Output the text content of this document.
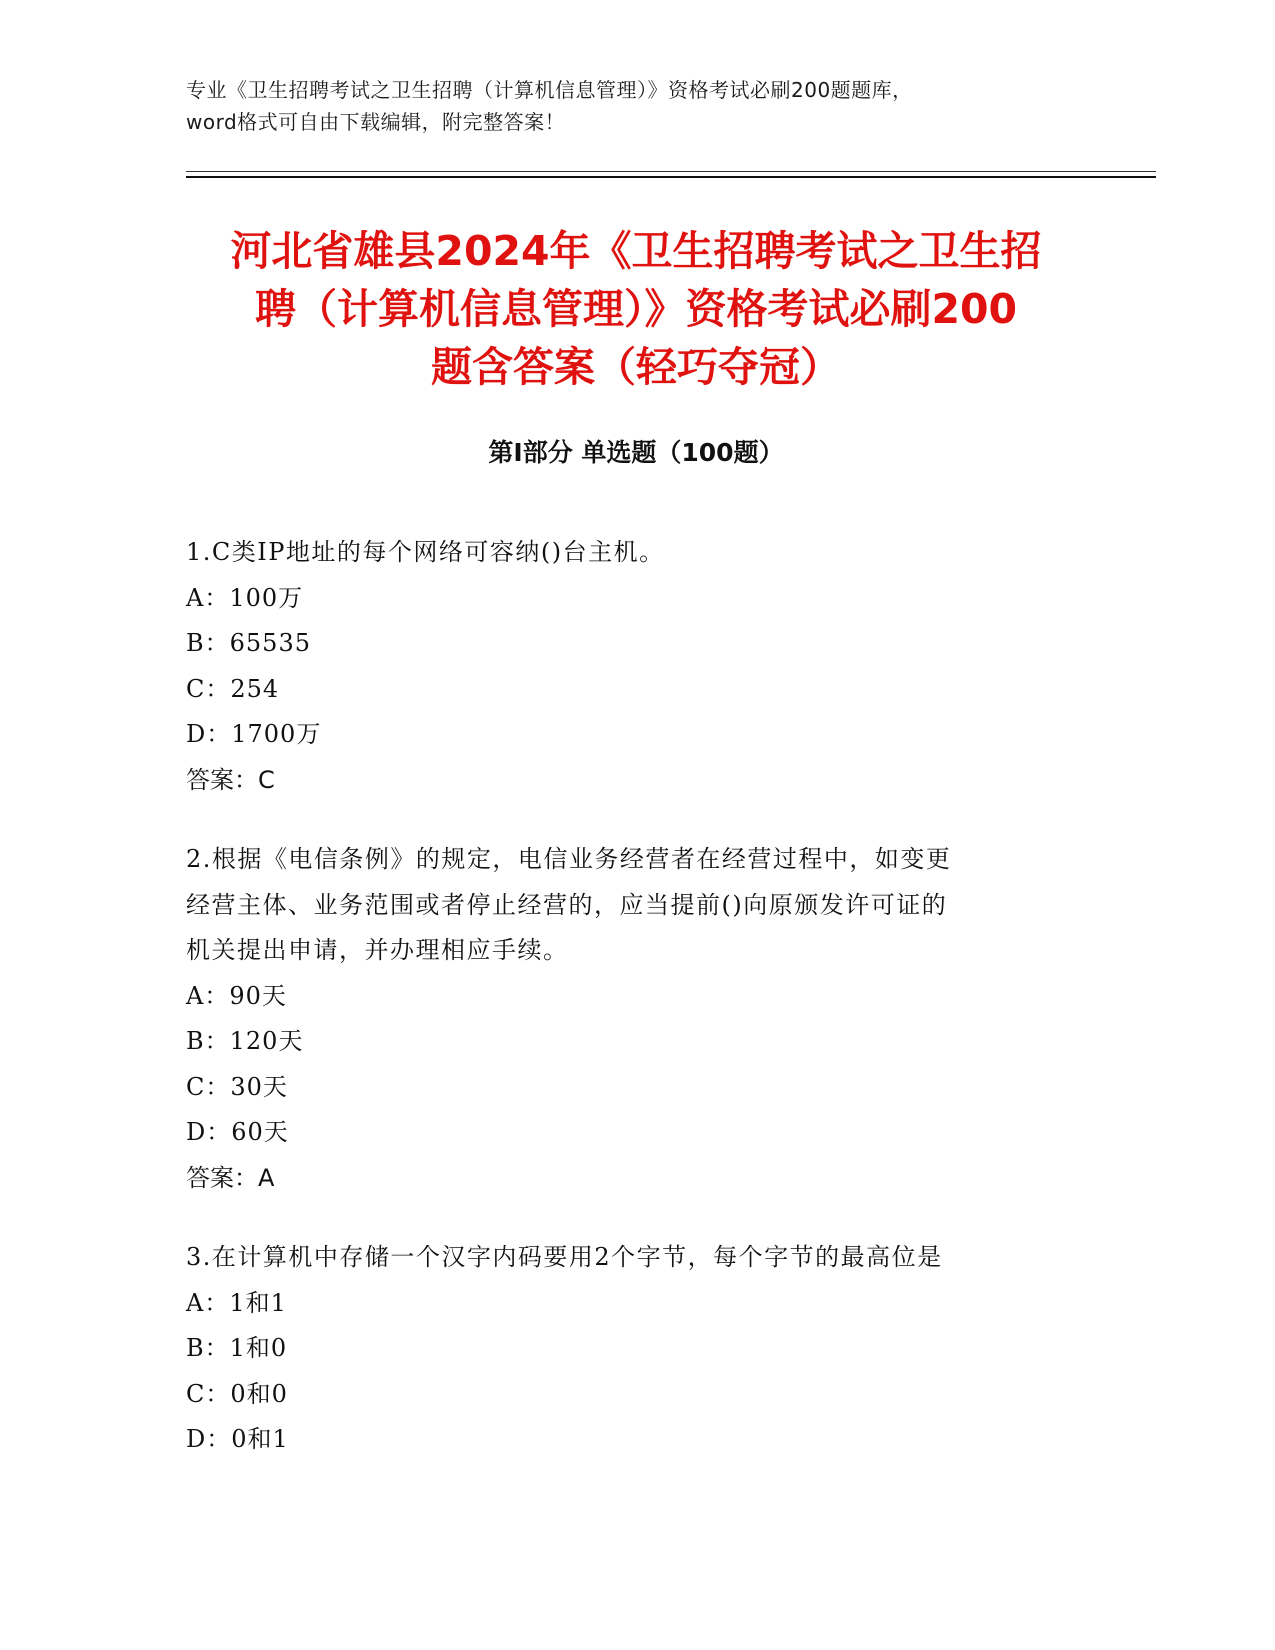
专业《卫生招聘考试之卫生招聘（计算机信息管理）》资格考试必刷200题题库，
word格式可自由下载编辑，附完整答案！
河北省雄县2024年《卫生招聘考试之卫生招
聘（计算机信息管理）》资格考试必刷200
题含答案（轻巧夺冠）
第Ⅰ部分 单选题（100题）
1.C类IP地址的每个网络可容纳()台主机。
A：100万
B：65535
C：254
D：1700万
答案：C
2.根据《电信条例》的规定，电信业务经营者在经营过程中，如变更
经营主体、业务范围或者停止经营的，应当提前()向原颁发许可证的
机关提出申请，并办理相应手续。
A：90天
B：120天
C：30天
D：60天
答案：A
3.在计算机中存储一个汉字内码要用2个字节，每个字节的最高位是
A：1和1
B：1和0
C：0和0
D：0和1
